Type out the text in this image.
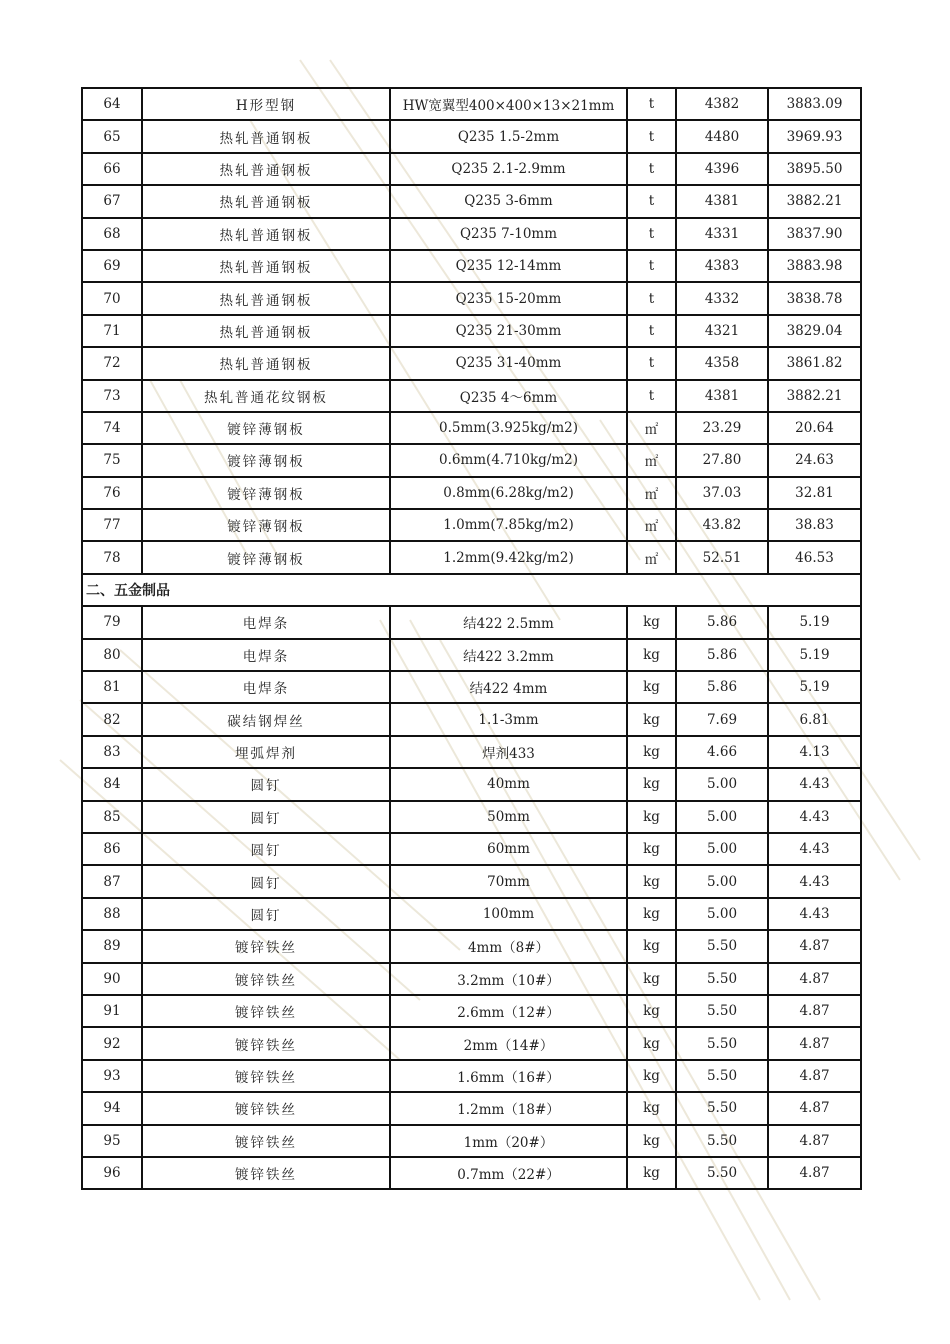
64	H形型钢	HW宽翼型400×400×13×21mm	t	4382	3883.09
65	热轧普通钢板	Q235 1.5-2mm	t	4480	3969.93
66	热轧普通钢板	Q235 2.1-2.9mm	t	4396	3895.50
67	热轧普通钢板	Q235 3-6mm	t	4381	3882.21
68	热轧普通钢板	Q235 7-10mm	t	4331	3837.90
69	热轧普通钢板	Q235 12-14mm	t	4383	3883.98
70	热轧普通钢板	Q235 15-20mm	t	4332	3838.78
71	热轧普通钢板	Q235 21-30mm	t	4321	3829.04
72	热轧普通钢板	Q235 31-40mm	t	4358	3861.82
73	热轧普通花纹钢板	Q235 4～6mm	t	4381	3882.21
74	镀锌薄钢板	0.5mm(3.925kg/m2)	㎡	23.29	20.64
75	镀锌薄钢板	0.6mm(4.710kg/m2)	㎡	27.80	24.63
76	镀锌薄钢板	0.8mm(6.28kg/m2)	㎡	37.03	32.81
77	镀锌薄钢板	1.0mm(7.85kg/m2)	㎡	43.82	38.83
78	镀锌薄钢板	1.2mm(9.42kg/m2)	㎡	52.51	46.53
二、五金制品					
79	电焊条	结422 2.5mm	kg	5.86	5.19
80	电焊条	结422 3.2mm	kg	5.86	5.19
81	电焊条	结422 4mm	kg	5.86	5.19
82	碳结钢焊丝	1.1-3mm	kg	7.69	6.81
83	埋弧焊剂	焊剂433	kg	4.66	4.13
84	圆钉	40mm	kg	5.00	4.43
85	圆钉	50mm	kg	5.00	4.43
86	圆钉	60mm	kg	5.00	4.43
87	圆钉	70mm	kg	5.00	4.43
88	圆钉	100mm	kg	5.00	4.43
89	镀锌铁丝	4mm（8#）	kg	5.50	4.87
90	镀锌铁丝	3.2mm（10#）	kg	5.50	4.87
91	镀锌铁丝	2.6mm（12#）	kg	5.50	4.87
92	镀锌铁丝	2mm（14#）	kg	5.50	4.87
93	镀锌铁丝	1.6mm（16#）	kg	5.50	4.87
94	镀锌铁丝	1.2mm（18#）	kg	5.50	4.87
95	镀锌铁丝	1mm（20#）	kg	5.50	4.87
96	镀锌铁丝	0.7mm（22#）	kg	5.50	4.87
